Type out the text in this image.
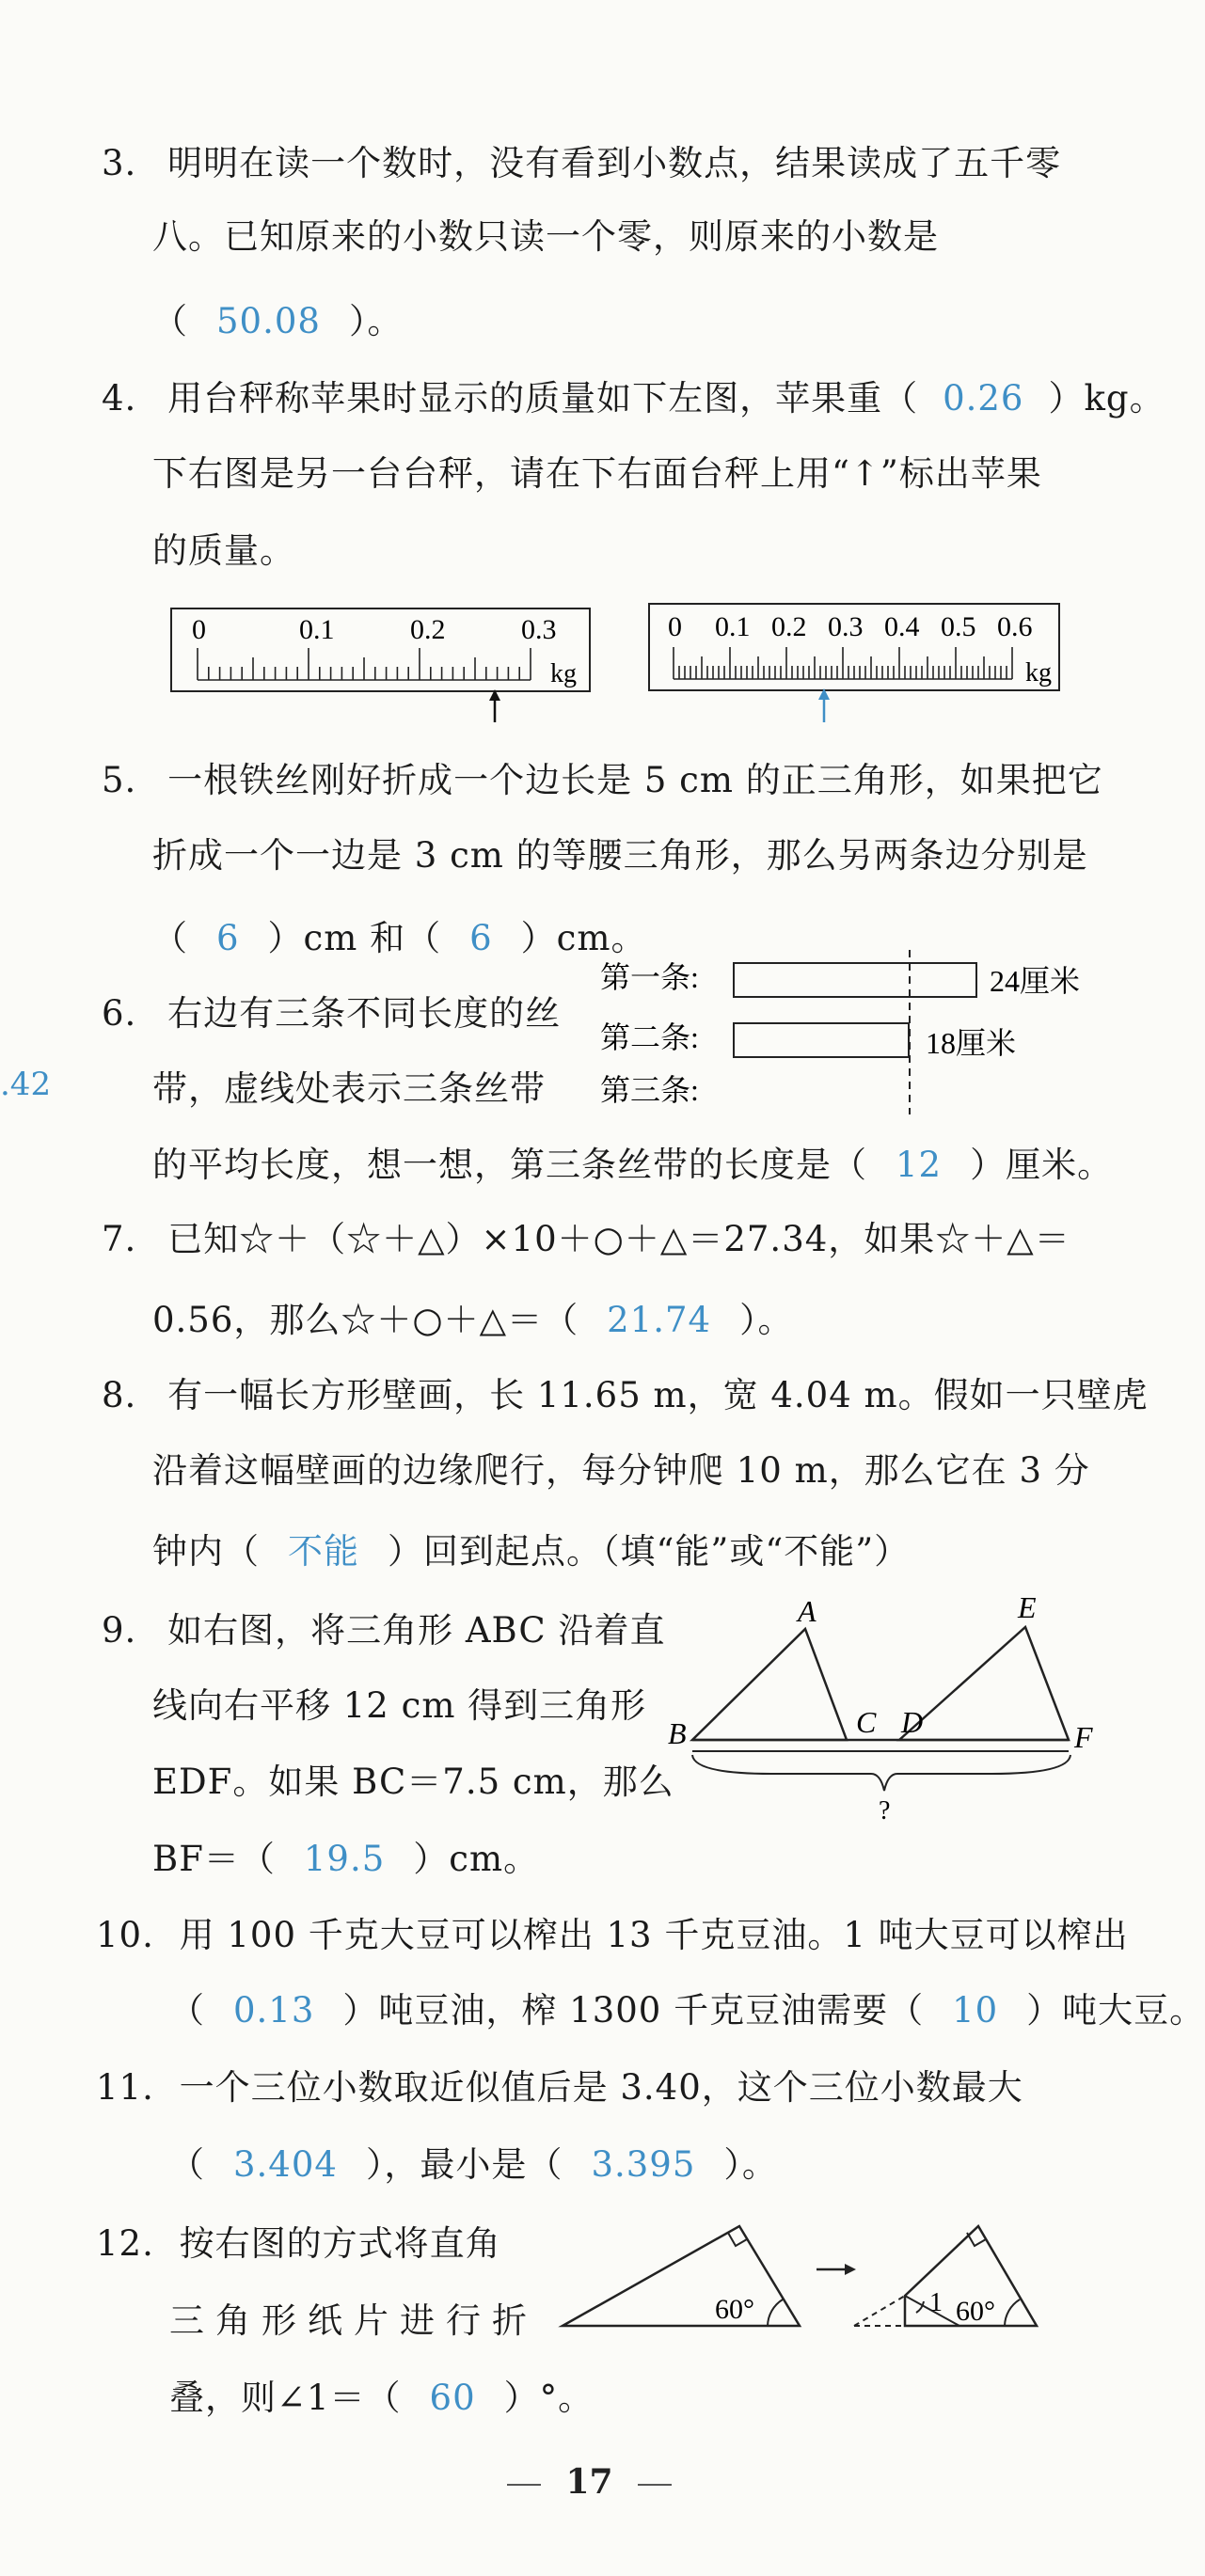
.42
3. 明明在读一个数时，没有看到小数点，结果读成了五千零
八。已知原来的小数只读一个零，则原来的小数是
（ 50.08 ）。
4. 用台秤称苹果时显示的质量如下左图，苹果重（ 0.26 ）kg。
下右图是另一台台秤，请在下右面台秤上用“↑”标出苹果
的质量。
0	0.1	0.2	0.3
kg
0 0.1 0.2 0.3 0.4 0.5 0.6
kg
5. 一根铁丝刚好折成一个边长是 5 cm 的正三角形，如果把它
折成一个一边是 3 cm 的等腰三角形，那么另两条边分别是
（ 6 ）cm 和（ 6 ）cm。
6. 右边有三条不同长度的丝
带，虚线处表示三条丝带
的平均长度，想一想，第三条丝带的长度是（ 12 ）厘米。
第一条:	24厘米
第二条:	18厘米
第三条:
7. 已知☆＋（☆＋△）×10＋○＋△＝27.34，如果☆＋△＝
0.56，那么☆＋○＋△＝（ 21.74 ）。
8. 有一幅长方形壁画，长 11.65 m，宽 4.04 m。假如一只壁虎
沿着这幅壁画的边缘爬行，每分钟爬 10 m，那么它在 3 分
钟内（ 不能 ）回到起点。（填“能”或“不能”）
9. 如右图，将三角形 ABC 沿着直
线向右平移 12 cm 得到三角形
EDF。如果 BC＝7.5 cm，那么
BF＝（ 19.5 ）cm。
A
B	C D
E
F
?
10. 用 100 千克大豆可以榨出 13 千克豆油。1 吨大豆可以榨出
（ 0.13 ）吨豆油，榨 1300 千克豆油需要（ 10 ）吨大豆。
11. 一个三位小数取近似值后是 3.40，这个三位小数最大
（ 3.404 ），最小是（ 3.395 ）。
12. 按右图的方式将直角
三角形纸片进行折
叠，则∠1＝（ 60 ）°。
60°	1 60°
17
